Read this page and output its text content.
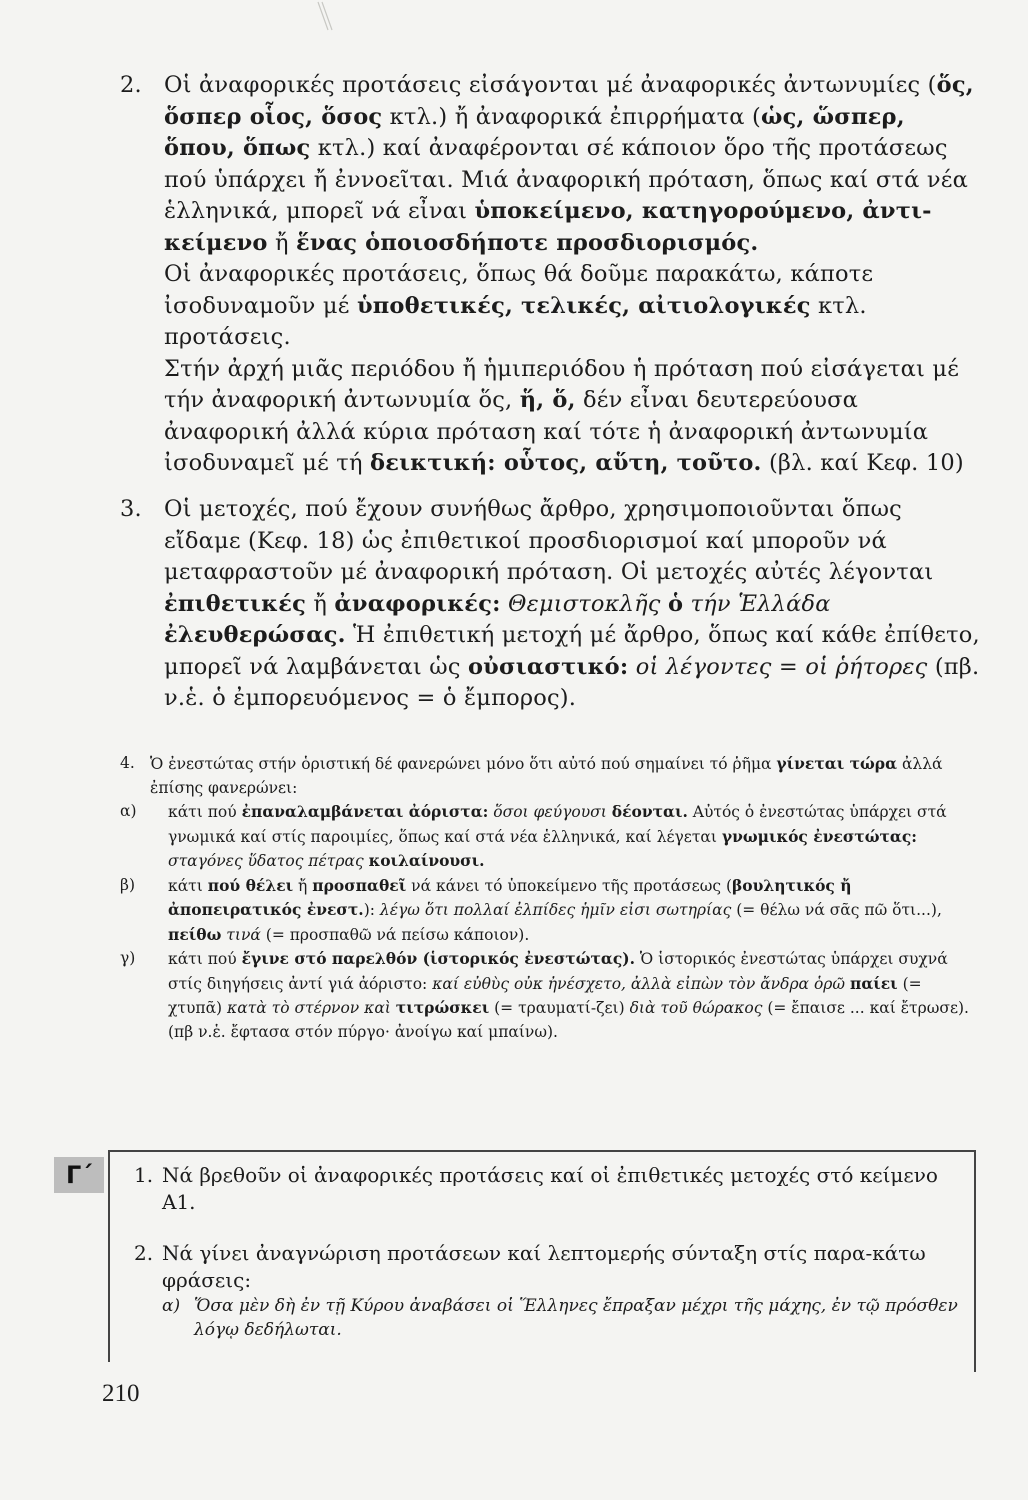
2. Οἱ ἀναφορικές προτάσεις εἰσάγονται μέ ἀναφορικές ἀντωνυμίες (ὅς, ὅσπερ οἷος, ὅσος κτλ.) ἤ ἀναφορικά ἐπιρρήματα (ὡς, ὥσπερ, ὅπου, ὅπως κτλ.) καί ἀναφέρονται σέ κάποιον ὅρο τῆς προτάσεως πού ὑπάρχει ἤ ἐννοεῖται. Μιά ἀναφορική πρόταση, ὅπως καί στά νέα ἑλληνικά, μπορεῖ νά εἶναι ὑποκείμενο, κατηγορούμενο, ἀντι-κείμενο ἤ ἕνας ὁποιοσδήποτε προσδιορισμός.

Οἱ ἀναφορικές προτάσεις, ὅπως θά δοῦμε παρακάτω, κάποτε ἰσοδυναμοῦν μέ ὑποθετικές, τελικές, αἰτιολογικές κτλ. προτάσεις.

Στήν ἀρχή μιᾶς περιόδου ἤ ἡμιπεριόδου ἡ πρόταση πού εἰσάγεται μέ τήν ἀναφορική ἀντωνυμία ὅς, ἥ, ὅ, δέν εἶναι δευτερεύουσα ἀναφορική ἀλλά κύρια πρόταση καί τότε ἡ ἀναφορική ἀντωνυμία ἰσοδυναμεῖ μέ τή δεικτική: οὗτος, αὕτη, τοῦτο. (βλ. καί Κεφ. 10)

3. Οἱ μετοχές, πού ἔχουν συνήθως ἄρθρο, χρησιμοποιοῦνται ὅπως εἴδαμε (Κεφ. 18) ὡς ἐπιθετικοί προσδιορισμοί καί μποροῦν νά μεταφραστοῦν μέ ἀναφορική πρόταση. Οἱ μετοχές αὐτές λέγονται ἐπιθετικές ἤ ἀναφορικές: Θεμιστοκλῆς ὁ τήν Ἑλλάδα ἐλευθερώσας. Ἡ ἐπιθετική μετοχή μέ ἄρθρο, ὅπως καί κάθε ἐπίθετο, μπορεῖ νά λαμβάνεται ὡς οὐσιαστικό: οἱ λέγοντες = οἱ ῥήτορες (πβ. ν.ἑ. ὁ ἐμπορευόμενος = ὁ ἔμπορος).

4. Ὁ ἐνεστώτας στήν ὁριστική δέ φανερώνει μόνο ὅτι αὐτό πού σημαίνει τό ῥῆμα γίνεται τώρα ἀλλά ἐπίσης φανερώνει:

α) κάτι πού ἐπαναλαμβάνεται ἀόριστα: ὅσοι φεύγουσι δέονται. Αὐτός ὁ ἐνεστώτας ὑπάρχει στά γνωμικά καί στίς παροιμίες, ὅπως καί στά νέα ἑλληνικά, καί λέγεται γνωμικός ἐνεστώτας: σταγόνες ὕδατος πέτρας κοιλαίνουσι.

β) κάτι πού θέλει ἤ προσπαθεῖ νά κάνει τό ὑποκείμενο τῆς προτάσεως (βουλητικός ἤ ἀποπειρατικός ἐνεστ.): λέγω ὅτι πολλαί ἐλπίδες ἡμῖν εἰσι σωτηρίας (= θέλω νά σᾶς πῶ ὅτι...), πείθω τινά (= προσπαθῶ νά πείσω κάποιον).

γ) κάτι πού ἔγινε στό παρελθόν (ἱστορικός ἐνεστώτας). Ὁ ἱστορικός ἐνεστώτας ὑπάρχει συχνά στίς διηγήσεις ἀντί γιά ἀόριστο: καί εὐθὺς οὐκ ἠνέσχετο, ἀλλὰ εἰπὼν τὸν ἄνδρα ὁρῶ παίει (= χτυπᾶ) κατὰ τὸ στέρνον καὶ τιτρώσκει (= τραυματί-ζει) διὰ τοῦ θώρακος (= ἔπαισε ... καί ἔτρωσε). (πβ ν.ἑ. ἔφτασα στόν πύργο· ἀνοίγω καί μπαίνω).

Γ΄	1. Νά βρεθοῦν οἱ ἀναφορικές προτάσεις καί οἱ ἐπιθετικές μετοχές στό κείμενο Α1.

2. Νά γίνει ἀναγνώριση προτάσεων καί λεπτομερής σύνταξη στίς παρα-κάτω φράσεις:

α) Ὅσα μὲν δὴ ἐν τῇ Κύρου ἀναβάσει οἱ Ἕλληνες ἔπραξαν μέχρι τῆς μάχης, ἐν τῷ πρόσθεν λόγῳ δεδήλωται.

210
